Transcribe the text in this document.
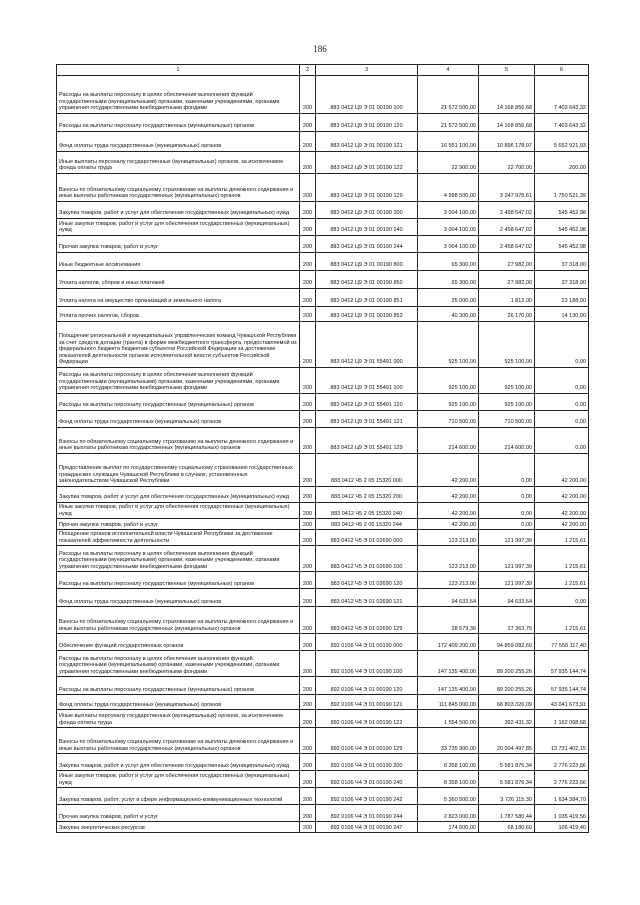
186
1	2	3	4	5	6
Расходы на выплаты персоналу в целях обеспечения выполнения функций государственными (муниципальными) органами, казенными учреждениями, органами управления государственными внебюджетными фондами	200	883 0412 Ц9 Э 01 00190 100	21 572 500,00	14 168 856,68	7 403 643,32
Расходы на выплаты персоналу государственных (муниципальных) органов	200	883 0412 Ц9 Э 01 00190 120	21 572 500,00	14 168 856,68	7 403 643,32
Фонд оплаты труда государственных (муниципальных) органов	200	883 0412 Ц9 Э 01 00190 121	16 551 100,00	10 896 178,07	5 652 921,93
Иные выплаты персоналу государственных (муниципальных) органов, за исключением фонда оплаты труда	200	883 0412 Ц9 Э 01 00190 122	22 900,00	22 700,00	200,00
Взносы по обязательному социальному страхованию на выплаты денежного содержания и иные выплаты работникам государственных (муниципальных) органов	200	883 0412 Ц9 Э 01 00190 129	4 998 500,00	3 247 978,61	1 750 521,39
Закупка товаров, работ и услуг для обеспечения государственных (муниципальных) нужд	200	883 0412 Ц9 Э 01 00190 200	3 004 100,00	2 458 647,02	545 452,98
Иные закупки товаров, работ и услуг для обеспечения государственных (муниципальных) нужд	200	883 0412 Ц9 Э 01 00190 240	3 004 100,00	2 458 647,02	545 452,98
Прочая закупка товаров, работ и услуг	200	883 0412 Ц9 Э 01 00190 244	3 004 100,00	2 458 647,02	545 452,98
Иные бюджетные ассигнования	200	883 0412 Ц9 Э 01 00190 800	65 300,00	27 982,00	37 318,00
Уплата налогов, сборов и иных платежей	200	883 0412 Ц9 Э 01 00190 850	65 300,00	27 982,00	37 318,00
Уплата налога на имущество организаций и земельного налога	200	883 0412 Ц9 Э 01 00190 851	25 000,00	1 812,00	23 188,00
Уплата прочих налогов, сборов	200	883 0412 Ц9 Э 01 00190 852	40 300,00	26 170,00	14 130,00
Поощрение региональной и муниципальных управленческих команд Чувашской Республики за счет средств дотации (гранта) в форме межбюджетного трансферта, предоставляемой из федерального бюджета бюджетам субъектов Российской Федерации за достижение показателей деятельности органов исполнительной власти субъектов Российской Федерации	200	883 0412 Ц9 Э 01 55491 000	925 100,00	925 100,00	0,00
Расходы на выплаты персоналу в целях обеспечения выполнения функций государственными (муниципальными) органами, казенными учреждениями, органами управления государственными внебюджетными фондами	200	883 0412 Ц9 Э 01 55491 100	925 100,00	925 100,00	0,00
Расходы на выплаты персоналу государственных (муниципальных) органов	200	883 0412 Ц9 Э 01 55491 120	925 100,00	925 100,00	0,00
Фонд оплаты труда государственных (муниципальных) органов	200	883 0412 Ц9 Э 01 55491 121	710 500,00	710 500,00	0,00
Взносы по обязательному социальному страхованию на выплаты денежного содержания и иные выплаты работникам государственных (муниципальных) органов	200	883 0412 Ц9 Э 01 55491 129	214 600,00	214 600,00	0,00
Предоставление выплат по государственному социальному страхованию государственных гражданских служащих Чувашской Республики в случаях, установленных законодательством Чувашской Республики	200	883 0412 Ч5 2 05 15320 000	42 200,00	0,00	42 200,00
Закупка товаров, работ и услуг для обеспечения государственных (муниципальных) нужд	200	883 0412 Ч5 2 05 15320 200	42 200,00	0,00	42 200,00
Иные закупки товаров, работ и услуг для обеспечения государственных (муниципальных) нужд	200	883 0412 Ч5 2 05 15320 240	42 200,00	0,00	42 200,00
Прочая закупка товаров, работ и услуг	200	883 0412 Ч5 2 05 15320 244	42 200,00	0,00	42 200,00
Поощрение органов исполнительной власти Чувашской Республики за достижение показателей эффективности деятельности	200	883 0412 Ч5 Э 01 02690 000	123 213,00	121 997,39	1 215,61
Расходы на выплаты персоналу в целях обеспечения выполнения функций государственными (муниципальными) органами, казенными учреждениями, органами управления государственными внебюджетными фондами	200	883 0412 Ч5 Э 01 02690 100	123 213,00	121 997,39	1 215,61
Расходы на выплаты персоналу государственных (муниципальных) органов	200	883 0412 Ч5 Э 01 02690 120	123 213,00	121 997,39	1 215,61
Фонд оплаты труда государственных (муниципальных) органов	200	883 0412 Ч5 Э 01 02690 121	94 633,64	94 633,64	0,00
Взносы по обязательному социальному страхованию на выплаты денежного содержания и иные выплаты работникам государственных (муниципальных) органов	200	883 0412 Ч5 Э 01 02690 129	28 579,36	27 363,75	1 215,61
Обеспечение функций государственных органов	200	892 0106 Ч4 Э 01 00190 000	172 409 200,00	94 859 082,60	77 550 117,40
Расходы на выплаты персоналу в целях обеспечения выполнения функций государственными (муниципальными) органами, казенными учреждениями, органами управления государственными внебюджетными фондами	200	892 0106 Ч4 Э 01 00190 100	147 135 400,00	89 200 255,26	57 935 144,74
Расходы на выплаты персоналу государственных (муниципальных) органов	200	892 0106 Ч4 Э 01 00190 120	147 135 400,00	89 200 255,26	57 935 144,74
Фонд оплаты труда государственных (муниципальных) органов	200	892 0106 Ч4 Э 01 00190 121	111 845 000,00	68 803 326,09	43 041 673,91
Иные выплаты персоналу государственных (муниципальных) органов, за исключением фонда оплаты труда	200	892 0106 Ч4 Э 01 00190 122	1 554 500,00	392 431,32	1 162 068,68
Взносы по обязательному социальному страхованию на выплаты денежного содержания и иные выплаты работникам государственных (муниципальных) органов	200	892 0106 Ч4 Э 01 00190 129	33 735 900,00	20 004 497,85	13 731 402,15
Закупка товаров, работ и услуг для обеспечения государственных (муниципальных) нужд	200	892 0106 Ч4 Э 01 00190 200	8 358 100,00	5 581 876,34	2 776 223,66
Иные закупки товаров, работ и услуг для обеспечения государственных (муниципальных) нужд	200	892 0106 Ч4 Э 01 00190 240	8 358 100,00	5 581 876,34	2 776 223,66
Закупка товаров, работ, услуг в сфере информационно-коммуникационных технологий	200	892 0106 Ч4 Э 01 00190 242	5 360 500,00	3 726 115,30	1 634 384,70
Прочая закупка товаров, работ и услуг	200	892 0106 Ч4 Э 01 00190 244	2 823 000,00	1 787 580,44	1 035 419,56
Закупка энергетических ресурсов	200	892 0106 Ч4 Э 01 00190 247	174 600,00	68 180,60	106 419,40
